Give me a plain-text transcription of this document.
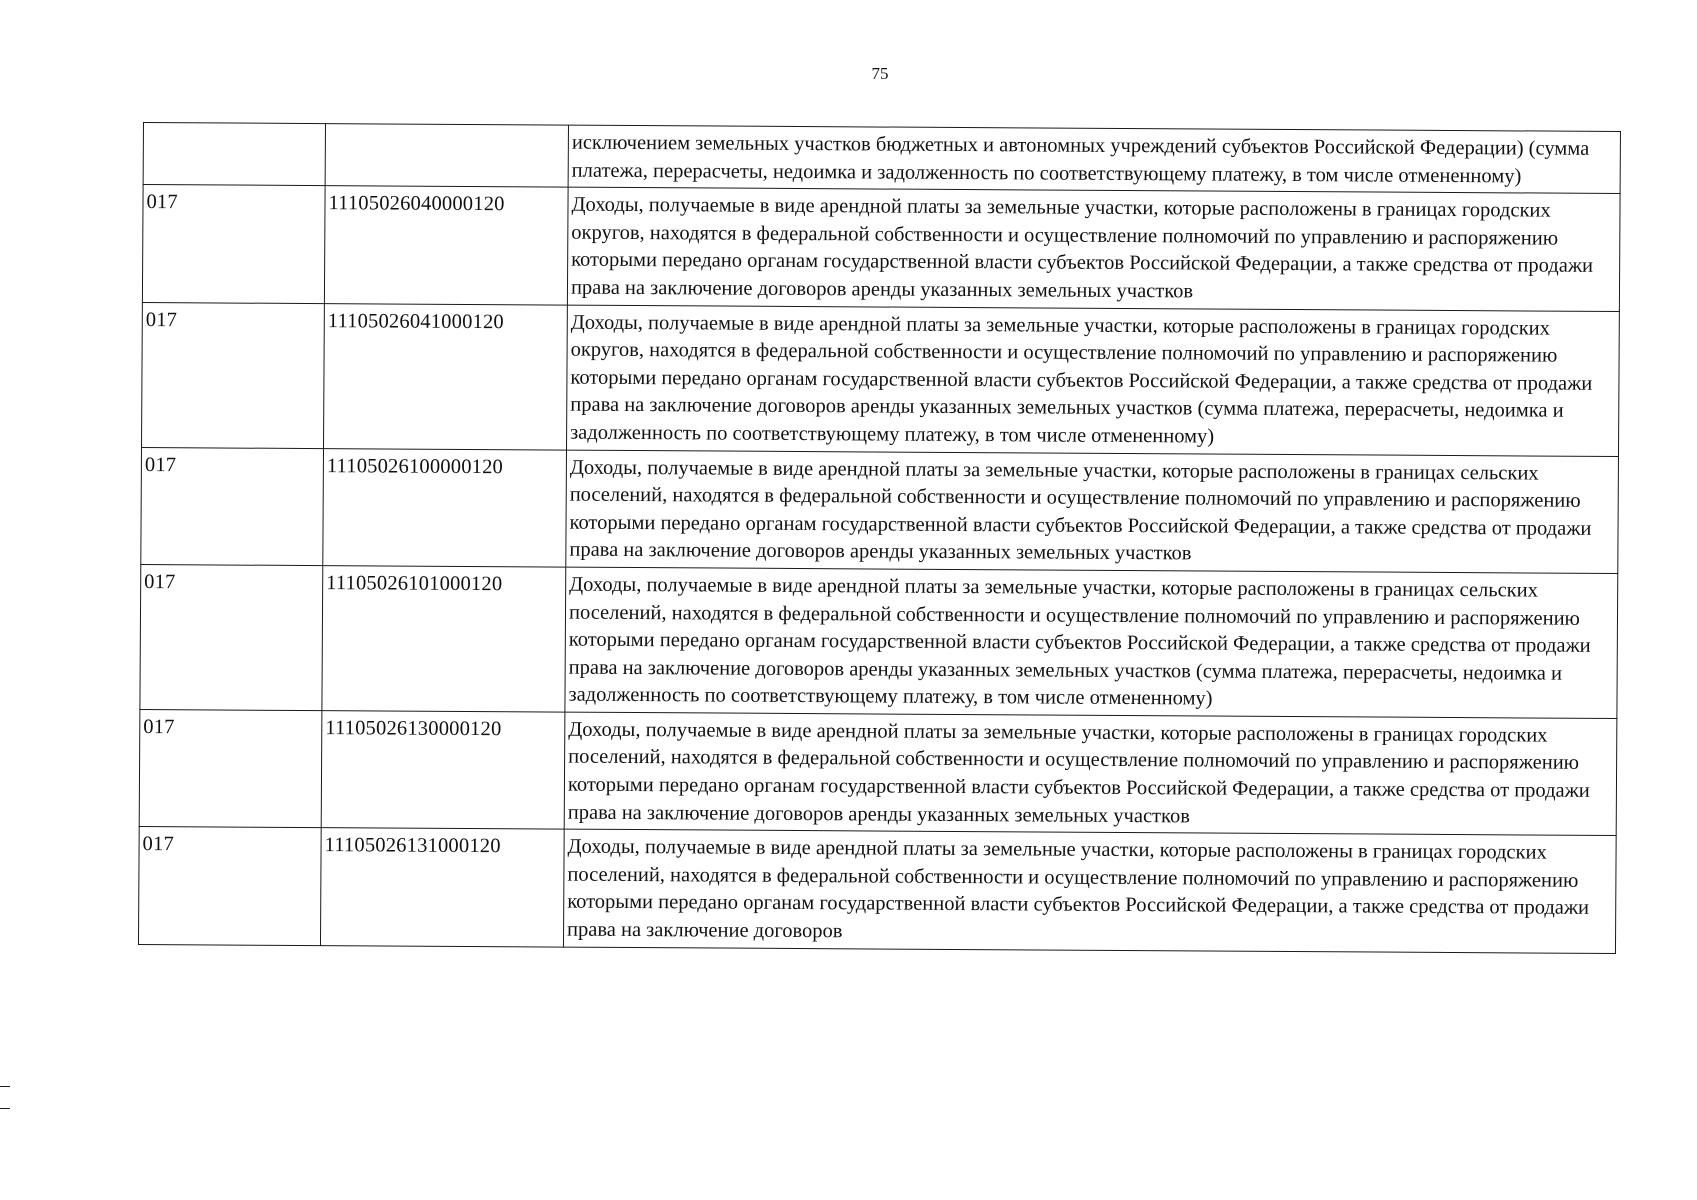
75
		исключением земельных участков бюджетных и автономных учреждений субъектов Российской Федерации) (сумма платежа, перерасчеты, недоимка и задолженность по соответствующему платежу, в том числе отмененному)
017	11105026040000120	Доходы, получаемые в виде арендной платы за земельные участки, которые расположены в границах городских округов, находятся в федеральной собственности и осуществление полномочий по управлению и распоряжению которыми передано органам государственной власти субъектов Российской Федерации, а также средства от продажи права на заключение договоров аренды указанных земельных участков
017	11105026041000120	Доходы, получаемые в виде арендной платы за земельные участки, которые расположены в границах городских округов, находятся в федеральной собственности и осуществление полномочий по управлению и распоряжению которыми передано органам государственной власти субъектов Российской Федерации, а также средства от продажи права на заключение договоров аренды указанных земельных участков (сумма платежа, перерасчеты, недоимка и задолженность по соответствующему платежу, в том числе отмененному)
017	11105026100000120	Доходы, получаемые в виде арендной платы за земельные участки, которые расположены в границах сельских поселений, находятся в федеральной собственности и осуществление полномочий по управлению и распоряжению которыми передано органам государственной власти субъектов Российской Федерации, а также средства от продажи права на заключение договоров аренды указанных земельных участков
017	11105026101000120	Доходы, получаемые в виде арендной платы за земельные участки, которые расположены в границах сельских поселений, находятся в федеральной собственности и осуществление полномочий по управлению и распоряжению которыми передано органам государственной власти субъектов Российской Федерации, а также средства от продажи права на заключение договоров аренды указанных земельных участков (сумма платежа, перерасчеты, недоимка и задолженность по соответствующему платежу, в том числе отмененному)
017	11105026130000120	Доходы, получаемые в виде арендной платы за земельные участки, которые расположены в границах городских поселений, находятся в федеральной собственности и осуществление полномочий по управлению и распоряжению которыми передано органам государственной власти субъектов Российской Федерации, а также средства от продажи права на заключение договоров аренды указанных земельных участков
017	11105026131000120	Доходы, получаемые в виде арендной платы за земельные участки, которые расположены в границах городских поселений, находятся в федеральной собственности и осуществление полномочий по управлению и распоряжению которыми передано органам государственной власти субъектов Российской Федерации, а также средства от продажи права на заключение договоров
